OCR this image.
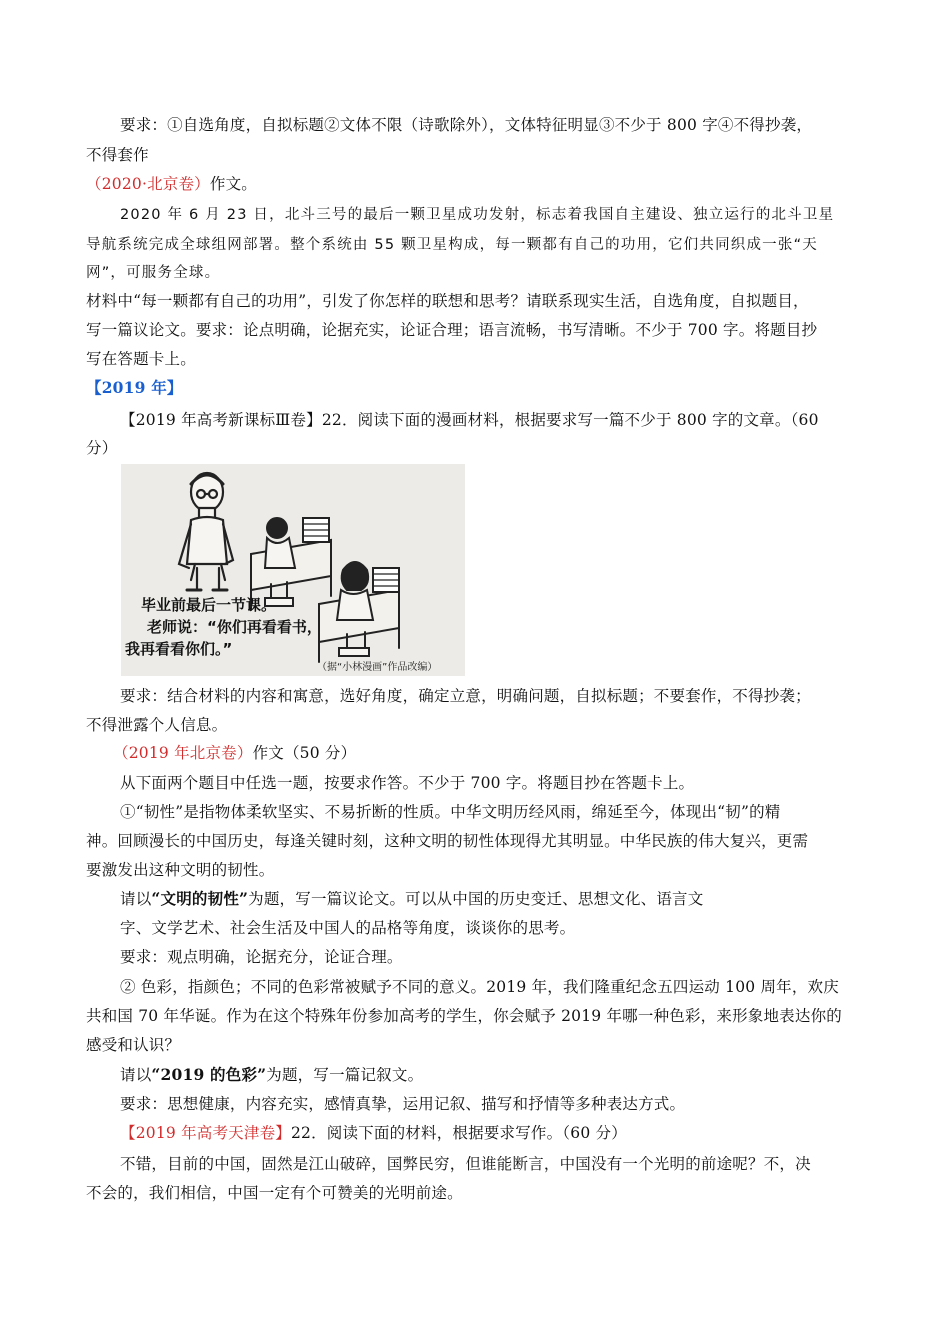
要求：①自选角度，自拟标题②文体不限（诗歌除外），文体特征明显③不少于 800 字④不得抄袭，
不得套作
（2020·北京卷）作文。
2020 年 6 月 23 日，北斗三号的最后一颗卫星成功发射，标志着我国自主建设、独立运行的北斗卫星
导航系统完成全球组网部署。整个系统由 55 颗卫星构成，每一颗都有自己的功用，它们共同织成一张“天
网”，可服务全球。
材料中“每一颗都有自己的功用”，引发了你怎样的联想和思考？请联系现实生活，自选角度，自拟题目，
写一篇议论文。要求：论点明确，论据充实，论证合理；语言流畅，书写清晰。不少于 700 字。将题目抄
写在答题卡上。
【2019 年】
【2019 年高考新课标Ⅲ卷】22．阅读下面的漫画材料，根据要求写一篇不少于 800 字的文章。（60
分）
毕业前最后一节课。
老师说：“你们再看看书，
我再看看你们。”
（据“小林漫画”作品改编）
要求：结合材料的内容和寓意，选好角度，确定立意，明确问题，自拟标题；不要套作，不得抄袭；
不得泄露个人信息。
（2019 年北京卷）作文（50 分）
从下面两个题目中任选一题，按要求作答。不少于 700 字。将题目抄在答题卡上。
①“韧性”是指物体柔软坚实、不易折断的性质。中华文明历经风雨，绵延至今，体现出“韧”的精
神。回顾漫长的中国历史，每逢关键时刻，这种文明的韧性体现得尤其明显。中华民族的伟大复兴，更需
要激发出这种文明的韧性。
请以“文明的韧性”为题，写一篇议论文。可以从中国的历史变迁、思想文化、语言文
字、文学艺术、社会生活及中国人的品格等角度，谈谈你的思考。
要求：观点明确，论据充分，论证合理。
② 色彩，指颜色；不同的色彩常被赋予不同的意义。2019 年，我们隆重纪念五四运动 100 周年，欢庆
共和国 70 年华诞。作为在这个特殊年份参加高考的学生，你会赋予 2019 年哪一种色彩，来形象地表达你的
感受和认识？
请以“2019 的色彩”为题，写一篇记叙文。
要求：思想健康，内容充实，感情真挚，运用记叙、描写和抒情等多种表达方式。
【2019 年高考天津卷】22．阅读下面的材料，根据要求写作。（60 分）
不错，目前的中国，固然是江山破碎，国弊民穷，但谁能断言，中国没有一个光明的前途呢？不，决
不会的，我们相信，中国一定有个可赞美的光明前途。
